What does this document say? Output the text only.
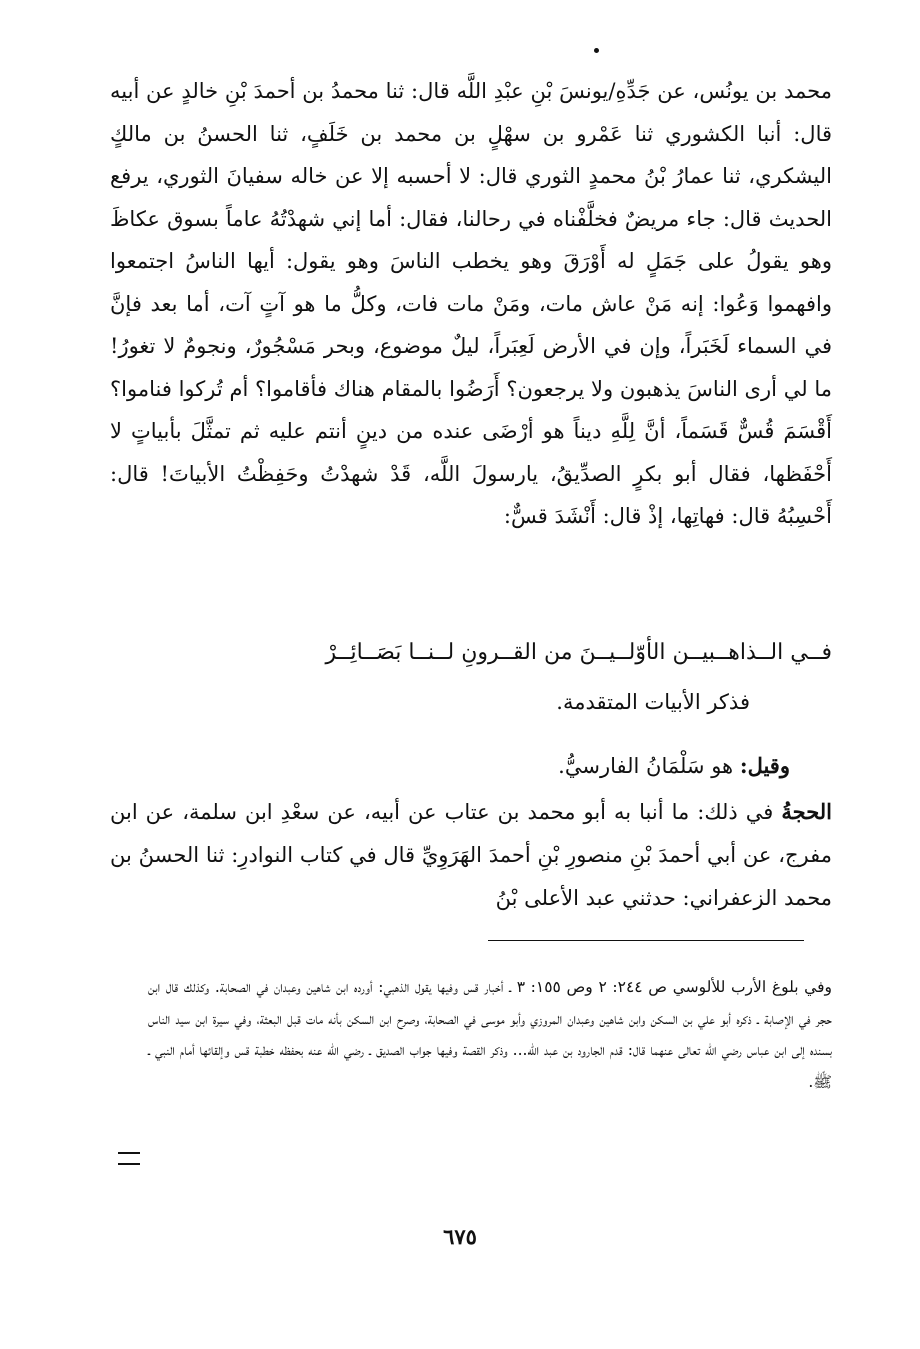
محمد بن يونُس، عن جَدِّهِ/يونسَ بْنِ عبْدِ اللَّه قال: ثنا محمدُ بن أحمدَ بْنِ خالدٍ عن أبيه قال: أنبا الكشوري ثنا عَمْرو بن سهْلٍ بن محمد بن خَلَفٍ، ثنا الحسنُ بن مالكٍ اليشكري، ثنا عمارُ بْنُ محمدٍ الثوري قال: لا أحسبه إلا عن خاله سفيانَ الثوري، يرفع الحديث قال: جاء مريضٌ فخلَّفْناه في رحالنا، فقال: أما إني شهدْتُهُ عاماً بسوق عكاظَ وهو يقولُ على جَمَلٍ له أَوْرَقَ وهو يخطب الناسَ وهو يقول: أيها الناسُ اجتمعوا وافهموا وَعُوا: إنه مَنْ عاش مات، ومَنْ مات فات، وكلُّ ما هو آتٍ آت، أما بعد فإنَّ في السماء لَخَبَراً، وإن في الأرض لَعِبَراً، ليلٌ موضوع، وبحر مَسْجُورٌ، ونجومٌ لا تغورُ! ما لي أرى الناسَ يذهبون ولا يرجعون؟ أَرَضُوا بالمقام هناك فأقاموا؟ أم تُركوا فناموا؟ أَقْسَمَ قُسٌّ قَسَماً، أنَّ لِلَّهِ ديناً هو أرْضَى عنده من دينٍ أنتم عليه ثم تمثَّلَ بأبياتٍ لا أَحْفَظها، فقال أبو بكرٍ الصدِّيقُ، يارسولَ اللَّه، قَدْ شهدْتُ وحَفِظْتُ الأبياتَ! قال: أَحْسِبُهُ قال: فهاتِها، إذْ قال: أَنْشَدَ قسٌّ:

فــي الــذاهــبيــن الأوّلــيــنَ من القــرونِ لــنــا بَصَــائِــرْ
فذكر الأبيات المتقدمة.
وقيل: هو سَلْمَانُ الفارسيُّ.
الحجةُ في ذلك: ما أنبا به أبو محمد بن عتاب عن أبيه، عن سعْدِ ابن سلمة، عن ابن مفرج، عن أبي أحمدَ بْنِ منصورِ بْنِ أحمدَ الهَرَوِيِّ قال في كتاب النوادرِ: ثنا الحسنُ بن محمد الزعفراني: حدثني عبد الأعلى بْنُ
وفي بلوغ الأرب للألوسي ص ٢٤٤: ٢ وص ١٥٥: ٣ ـ أخبار قس وفيها يقول الذهبي: أورده ابن شاهين وعبدان في الصحابة. وكذلك قال ابن حجر في الإصابة ـ ذكره أبو علي بن السكن وابن شاهين وعبدان المروزي وأبو موسى في الصحابة، وصرح ابن السكن بأنه مات قبل البعثة، وفي سيرة ابن سيد الناس بسنده إلى ابن عباس رضي الله تعالى عنهما قال: قدم الجارود بن عبد الله... وذكر القصة وفيها جواب الصديق ـ رضي الله عنه بحفظه خطبة قس وإلقائها أمام النبي ـ ﷺ.
٦٧٥
